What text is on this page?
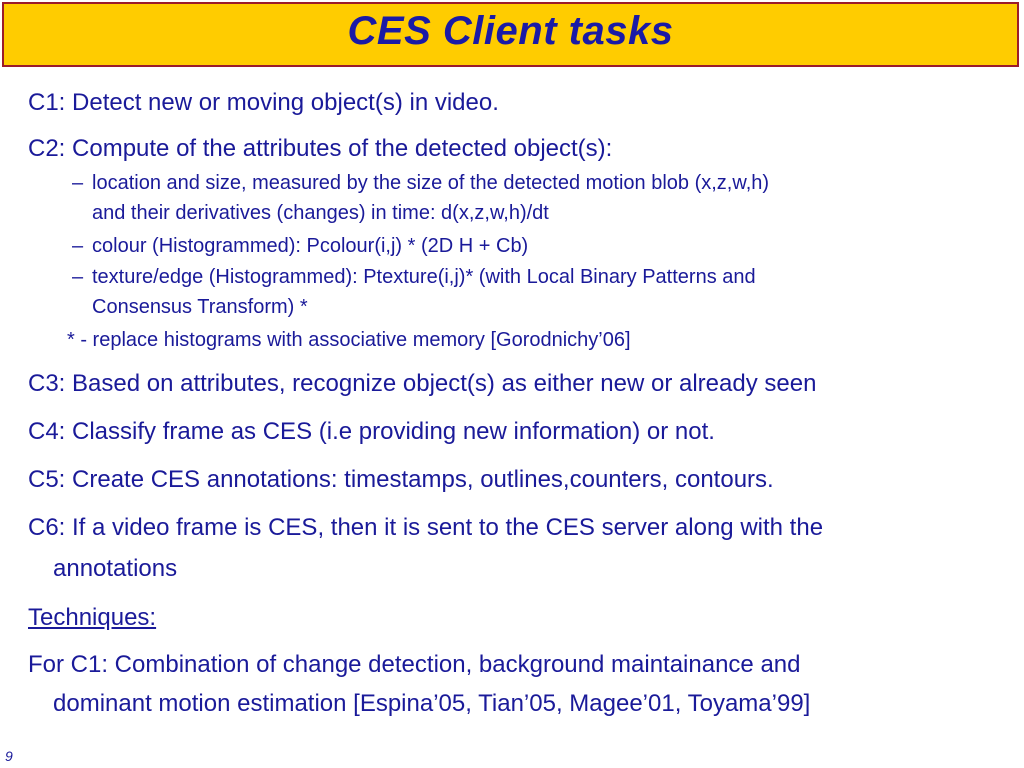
CES Client tasks
C1: Detect new or moving object(s) in video.
C2: Compute of the attributes of the detected object(s):
– location and size, measured by the size of the detected motion blob (x,z,w,h)
and their derivatives (changes) in time: d(x,z,w,h)/dt
– colour (Histogrammed): Pcolour(i,j) * (2D H + Cb)
– texture/edge (Histogrammed): Ptexture(i,j)* (with Local Binary Patterns and
Consensus Transform) *
* - replace histograms with associative memory [Gorodnichy’06]
C3: Based on attributes, recognize object(s) as either new or already seen
C4: Classify frame as CES (i.e providing new information) or not.
C5: Create CES annotations: timestamps, outlines,counters, contours.
C6: If a video frame is CES, then it is sent to the CES server along with the
annotations
Techniques:
For C1: Combination of change detection, background maintainance and
dominant motion estimation [Espina’05, Tian’05, Magee’01, Toyama’99]
9
